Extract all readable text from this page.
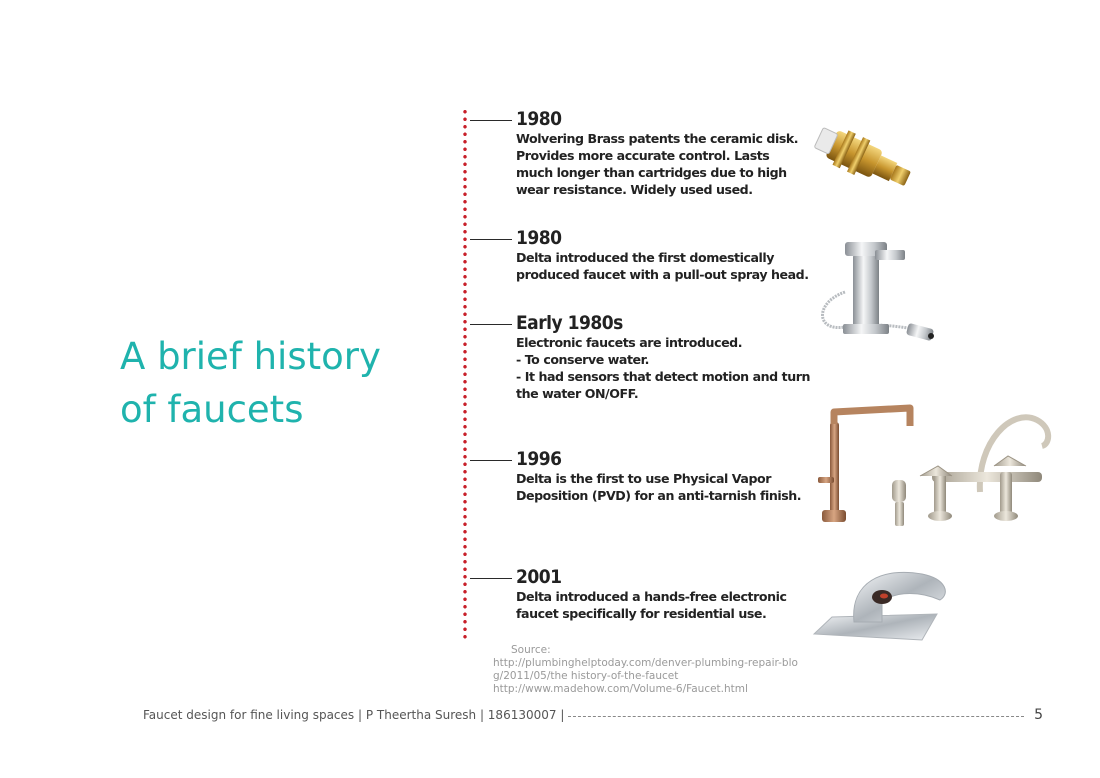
A brief history
of faucets
1980
Wolvering Brass patents the ceramic disk.
Provides more accurate control. Lasts
much longer than cartridges due to high
wear resistance. Widely used used.
1980
Delta introduced the first domestically
produced faucet with a pull-out spray head.
Early 1980s
Electronic faucets are introduced.
- To conserve water.
- It had sensors that detect motion and turn
the water ON/OFF.
1996
Delta is the first to use Physical Vapor
Deposition (PVD) for an anti-tarnish finish.
2001
Delta introduced a hands-free electronic
faucet specifically for residential use.
Source:
http://plumbinghelptoday.com/denver-plumbing-repair-blo
g/2011/05/the history-of-the-faucet
http://www.madehow.com/Volume-6/Faucet.html
Faucet design for fine living spaces | P Theertha Suresh | 186130007 |	5
